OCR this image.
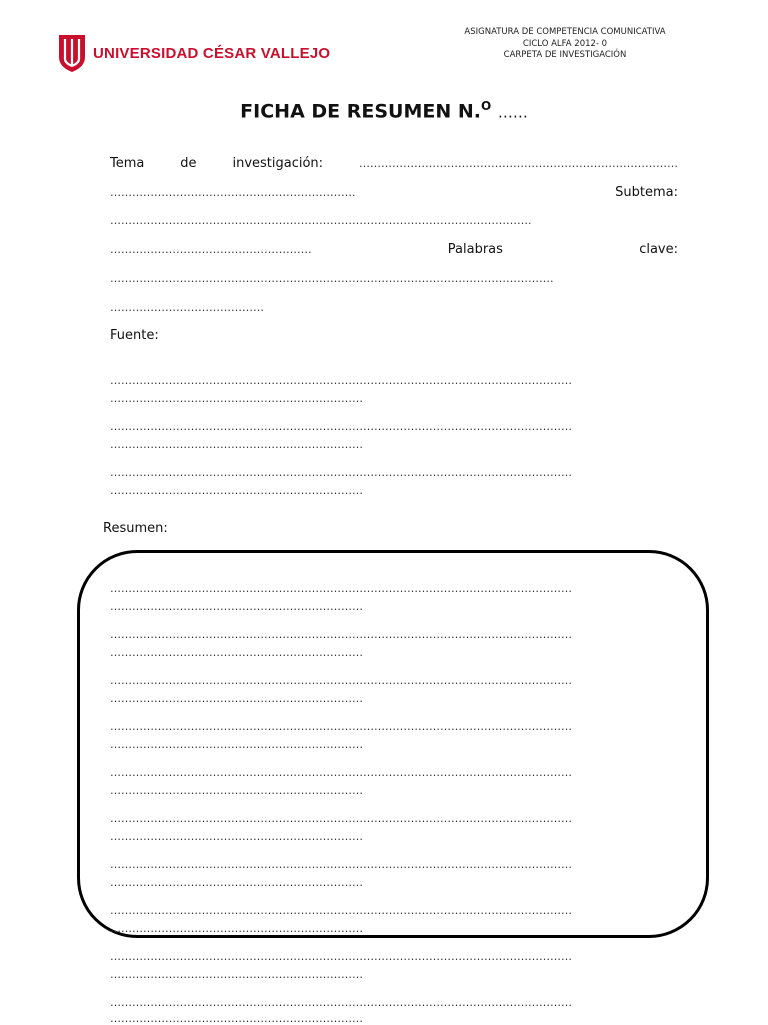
UNIVERSIDAD CÉSAR VALLEJO
ASIGNATURA DE COMPETENCIA COMUNICATIVA
CICLO ALFA 2012- 0
CARPETA DE INVESTIGACIÓN
FICHA DE RESUMEN N.$^O$ ……
Tema	de	investigación:	……………………………………………………………………………
………………………………………………………….	Subtema:
…………………………………………………………………………………………………….
……………………………………………….	Palabras	clave:
………………………………………………………………………………………………………….
……………………………………
Fuente:
………………………………………………………………………………………………………………
……………………………………………………………
………………………………………………………………………………………………………………
……………………………………………………………
………………………………………………………………………………………………………………
……………………………………………………………
Resumen:
………………………………………………………………………………………………………………
……………………………………………………………
………………………………………………………………………………………………………………
……………………………………………………………
………………………………………………………………………………………………………………
……………………………………………………………
………………………………………………………………………………………………………………
……………………………………………………………
………………………………………………………………………………………………………………
……………………………………………………………
………………………………………………………………………………………………………………
……………………………………………………………
………………………………………………………………………………………………………………
……………………………………………………………
………………………………………………………………………………………………………………
……………………………………………………………
………………………………………………………………………………………………………………
……………………………………………………………
………………………………………………………………………………………………………………
……………………………………………………………
